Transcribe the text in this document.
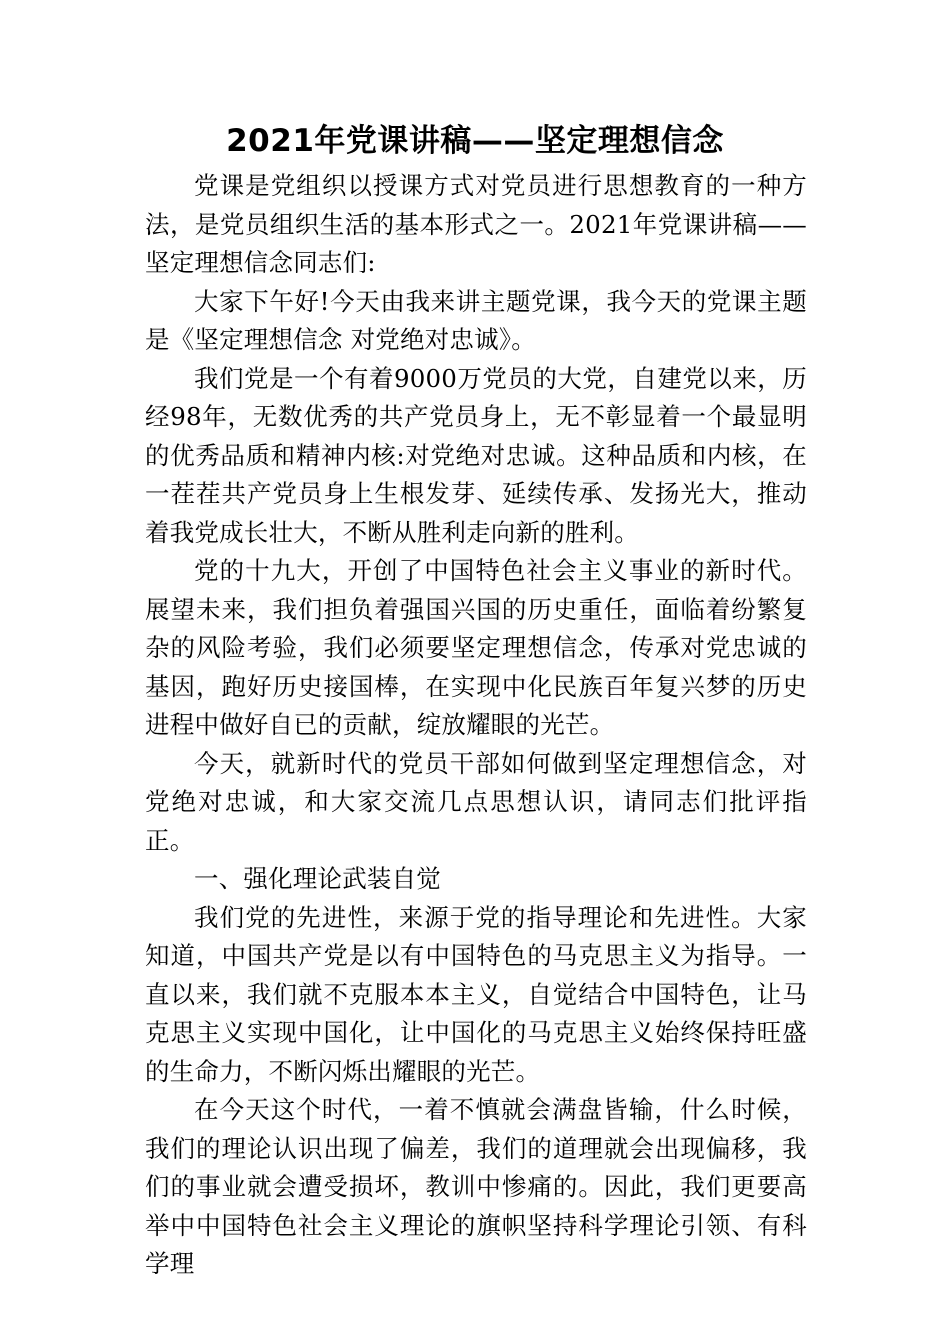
2021年党课讲稿——坚定理想信念

党课是党组织以授课方式对党员进行思想教育的一种方法，是党员组织生活的基本形式之一。2021年党课讲稿——坚定理想信念同志们:

大家下午好!今天由我来讲主题党课，我今天的党课主题是《坚定理想信念 对党绝对忠诚》。

我们党是一个有着9000万党员的大党，自建党以来，历经98年，无数优秀的共产党员身上，无不彰显着一个最显明的优秀品质和精神内核:对党绝对忠诚。这种品质和内核，在一茬茬共产党员身上生根发芽、延续传承、发扬光大，推动着我党成长壮大，不断从胜利走向新的胜利。

党的十九大，开创了中国特色社会主义事业的新时代。展望未来，我们担负着强国兴国的历史重任，面临着纷繁复杂的风险考验，我们必须要坚定理想信念，传承对党忠诚的基因，跑好历史接国棒，在实现中化民族百年复兴梦的历史进程中做好自已的贡献，绽放耀眼的光芒。

今天，就新时代的党员干部如何做到坚定理想信念，对党绝对忠诚，和大家交流几点思想认识，请同志们批评指正。

一、强化理论武装自觉

我们党的先进性，来源于党的指导理论和先进性。大家知道，中国共产党是以有中国特色的马克思主义为指导。一直以来，我们就不克服本本主义，自觉结合中国特色，让马克思主义实现中国化，让中国化的马克思主义始终保持旺盛的生命力，不断闪烁出耀眼的光芒。

在今天这个时代，一着不慎就会满盘皆输，什么时候，我们的理论认识出现了偏差，我们的道理就会出现偏移，我们的事业就会遭受损坏，教训中惨痛的。因此，我们更要高举中中国特色社会主义理论的旗帜坚持科学理论引领、有科学理
